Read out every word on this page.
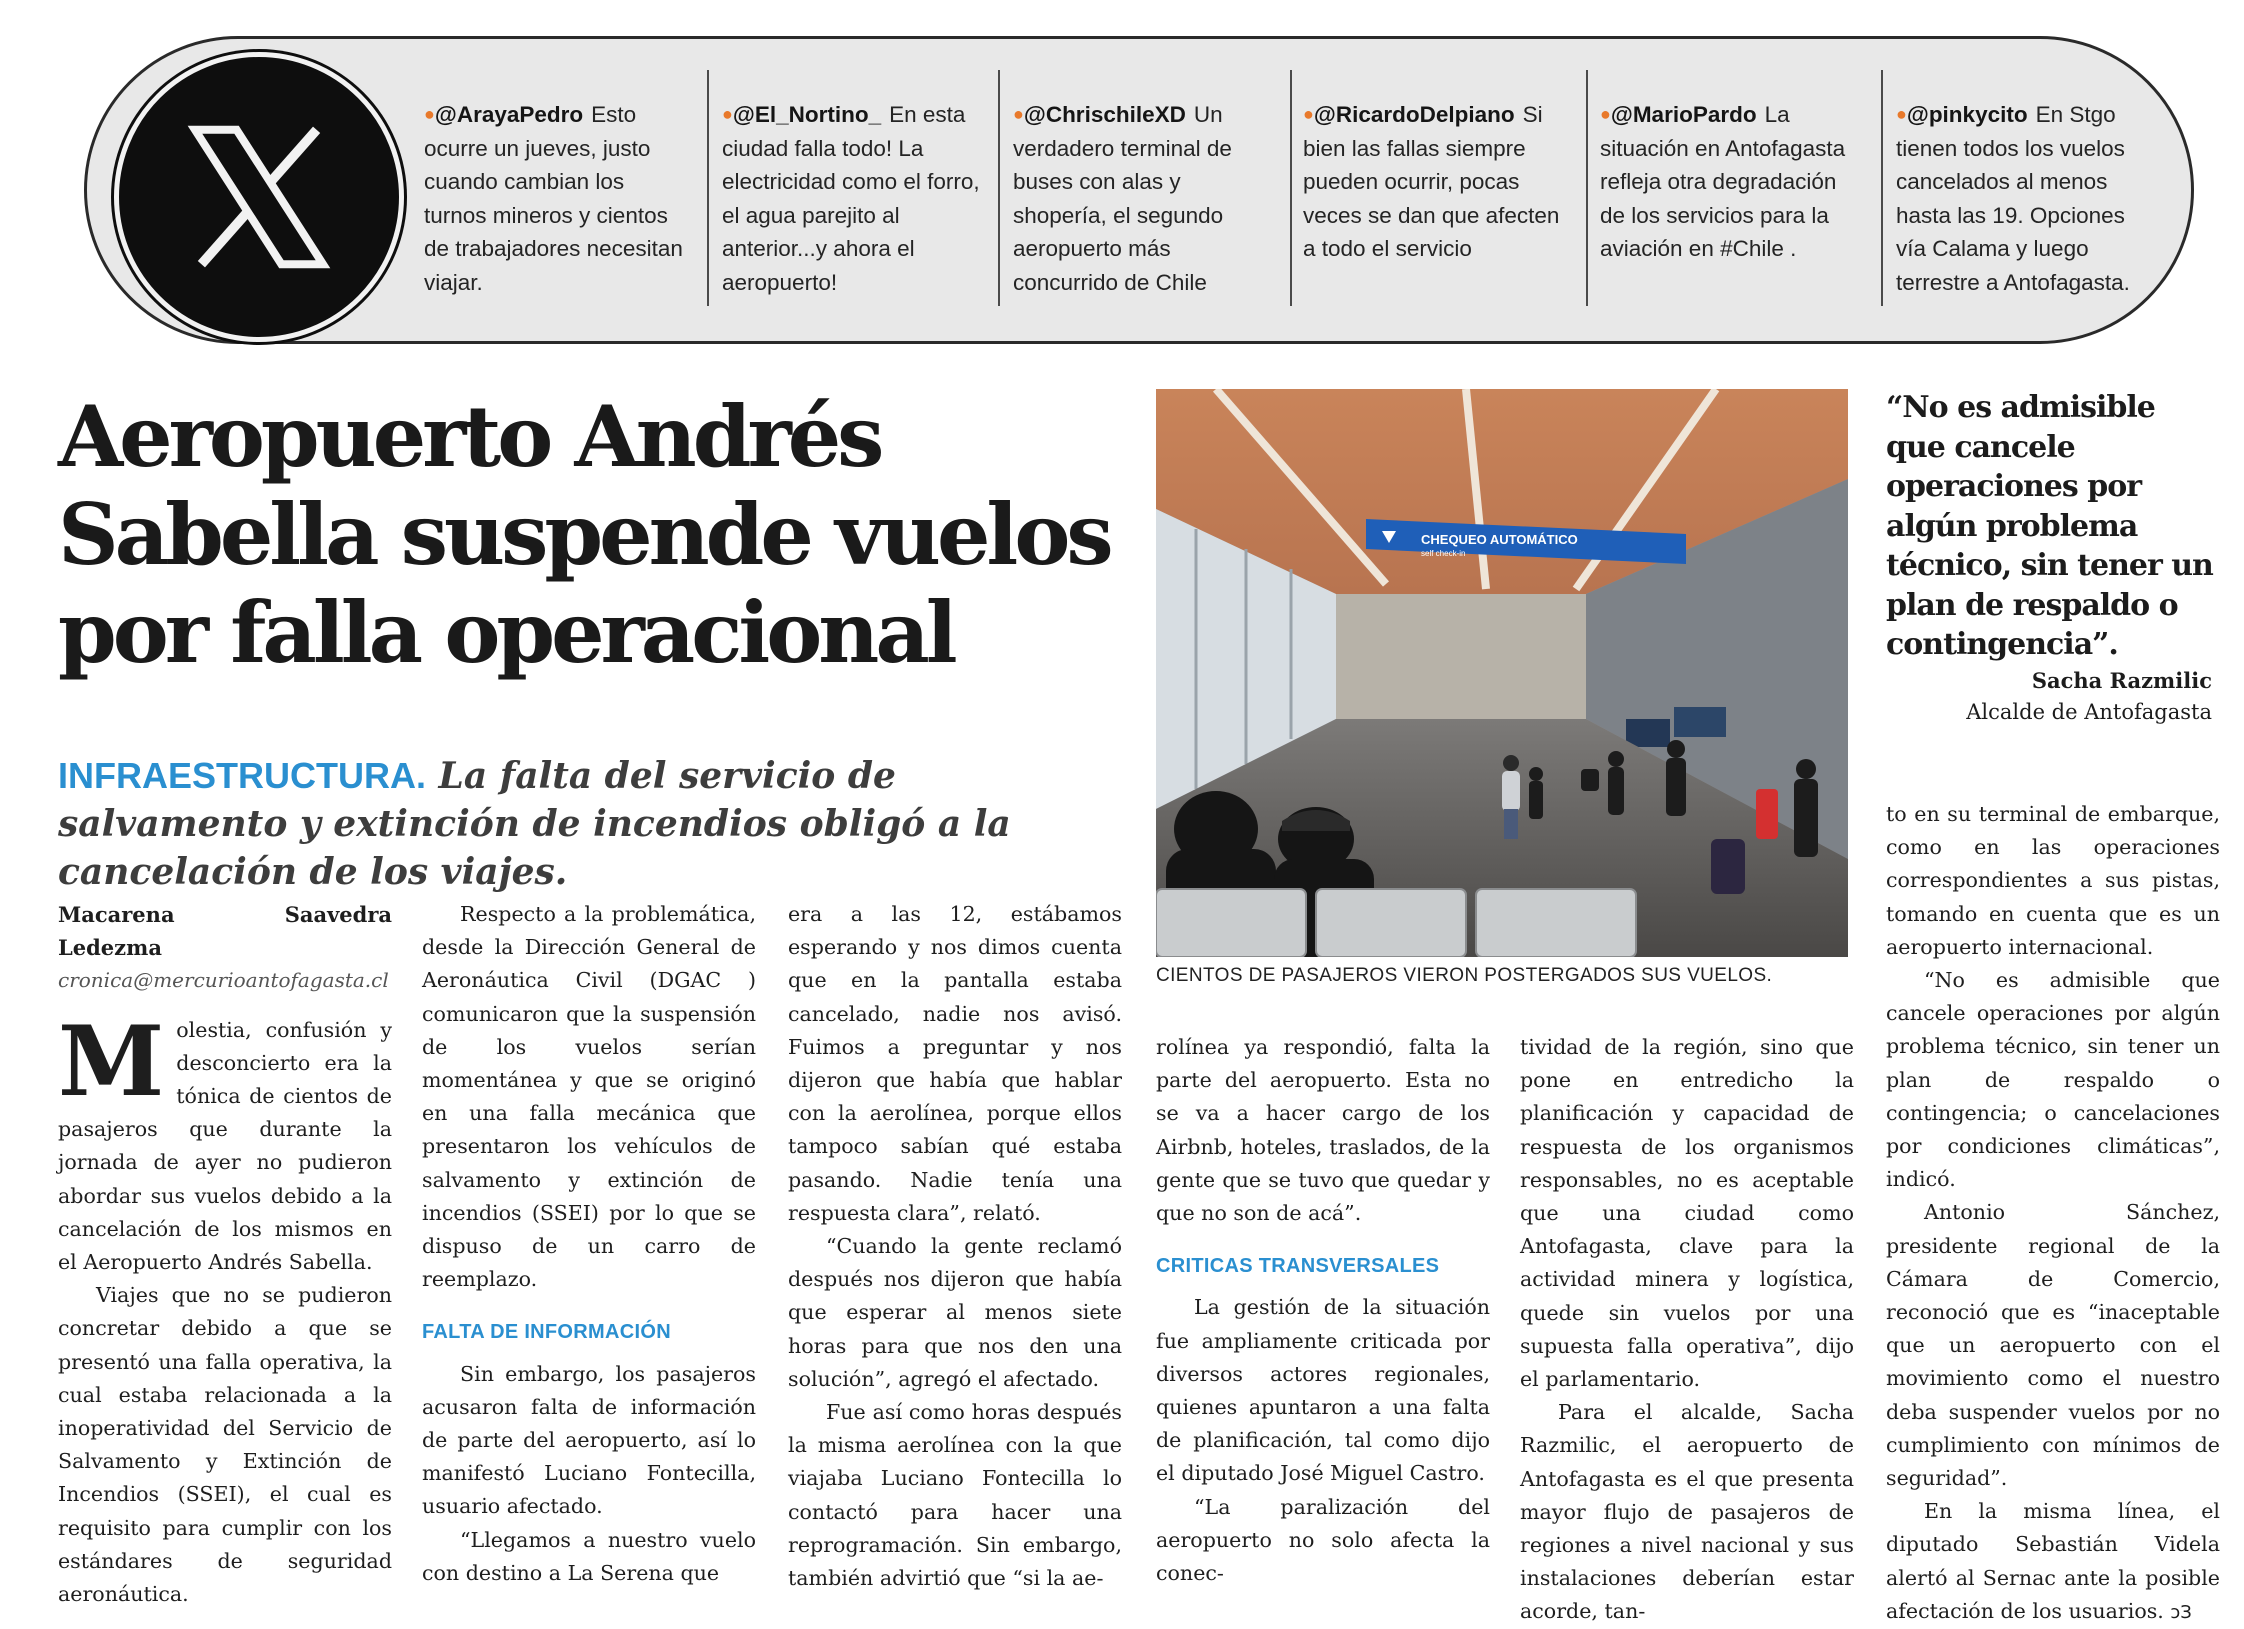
●@ArayaPedro Esto ocurre un jueves, justo cuando cambian los turnos mineros y cientos de trabajadores necesitan viajar.
●@El_Nortino_ En esta ciudad falla todo! La electricidad como el forro, el agua parejito al anterior...y ahora el aeropuerto!
●@ChrischileXD Un verdadero terminal de buses con alas y shopería, el segundo aeropuerto más concurrido de Chile
●@RicardoDelpiano Si bien las fallas siempre pueden ocurrir, pocas veces se dan que afecten a todo el servicio
●@MarioPardo La situación en Antofagasta refleja otra degradación de los servicios para la aviación en #Chile .
●@pinkycito En Stgo tienen todos los vuelos cancelados al menos hasta las 19. Opciones vía Calama y luego terrestre a Antofagasta.
Aeropuerto Andrés Sabella suspende vuelos por falla operacional

INFRAESTRUCTURA. La falta del servicio de salvamento y extinción de incendios obligó a la cancelación de los viajes.

CHEQUEO AUTOMÁTICO
self check-in

CIENTOS DE PASAJEROS VIERON POSTERGADOS SUS VUELOS.

“No es admisible que cancele operaciones por algún problema técnico, sin tener un plan de respaldo o contingencia”.

Sacha Razmilic
Alcalde de Antofagasta

Macarena Saavedra Ledezma

cronica@mercurioantofagasta.cl

Molestia, confusión y desconcierto era la tónica de cientos de pasajeros que durante la jornada de ayer no pudieron abordar sus vuelos debido a la cancelación de los mismos en el Aeropuerto Andrés Sabella.

Viajes que no se pudieron concretar debido a que se presentó una falla operativa, la cual estaba relacionada a la inoperatividad del Servicio de Salvamento y Extinción de Incendios (SSEI), el cual es requisito para cumplir con los estándares de seguridad aeronáutica.

Respecto a la problemática, desde la Dirección General de Aeronáutica Civil (DGAC ) comunicaron que la suspensión de los vuelos serían momentánea y que se originó en una falla mecánica que presentaron los vehículos de salvamento y extinción de incendios (SSEI) por lo que se dispuso de un carro de reemplazo.

FALTA DE INFORMACIÓN

Sin embargo, los pasajeros acusaron falta de información de parte del aeropuerto, así lo manifestó Luciano Fontecilla, usuario afectado.

“Llegamos a nuestro vuelo con destino a La Serena que

era a las 12, estábamos esperando y nos dimos cuenta que en la pantalla estaba cancelado, nadie nos avisó. Fuimos a preguntar y nos dijeron que había que hablar con la aerolínea, porque ellos tampoco sabían qué estaba pasando. Nadie tenía una respuesta clara”, relató.

“Cuando la gente reclamó después nos dijeron que había que esperar al menos siete horas para que nos den una solución”, agregó el afectado.

Fue así como horas después la misma aerolínea con la que viajaba Luciano Fontecilla lo contactó para hacer una reprogramación. Sin embargo, también advirtió que “si la ae-

rolínea ya respondió, falta la parte del aeropuerto. Esta no se va a hacer cargo de los Airbnb, hoteles, traslados, de la gente que se tuvo que quedar y que no son de acá”.

CRITICAS TRANSVERSALES

La gestión de la situación fue ampliamente criticada por diversos actores regionales, quienes apuntaron a una falta de planificación, tal como dijo el diputado José Miguel Castro.

“La paralización del aeropuerto no solo afecta la conec-

tividad de la región, sino que pone en entredicho la planificación y capacidad de respuesta de los organismos responsables, no es aceptable que una ciudad como Antofagasta, clave para la actividad minera y logística, quede sin vuelos por una supuesta falla operativa”, dijo el parlamentario.

Para el alcalde, Sacha Razmilic, el aeropuerto de Antofagasta es el que presenta mayor flujo de pasajeros de regiones a nivel nacional y sus instalaciones deberían estar acorde, tan-

to en su terminal de embarque, como en las operaciones correspondientes a sus pistas, tomando en cuenta que es un aeropuerto internacional.

“No es admisible que cancele operaciones por algún problema técnico, sin tener un plan de respaldo o contingencia; o cancelaciones por condiciones climáticas”, indicó.

Antonio Sánchez, presidente regional de la Cámara de Comercio, reconoció que es “inaceptable que un aeropuerto con el movimiento como el nuestro deba suspender vuelos por no cumplimiento con mínimos de seguridad”.

En la misma línea, el diputado Sebastián Videla alertó al Sernac ante la posible afectación de los usuarios. ↄЗ
